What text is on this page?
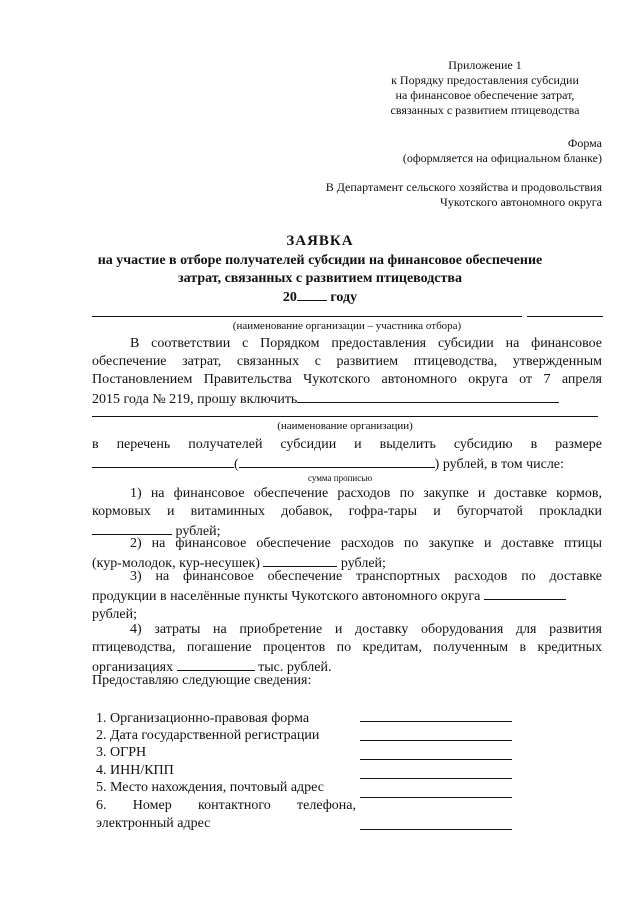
Приложение 1
к Порядку предоставления субсидии
на финансовое обеспечение затрат,
связанных с развитием птицеводства
Форма
(оформляется на официальном бланке)
В Департамент сельского хозяйства и продовольствия
Чукотского автономного округа
ЗАЯВКА
на участие в отборе получателей субсидии на финансовое обеспечение
затрат, связанных с развитием птицеводства
20 году
(наименование организации – участника отбора)
В соответствии с Порядком предоставления субсидии на финансовое
обеспечение затрат, связанных с развитием птицеводства, утвержденным
Постановлением Правительства Чукотского автономного округа от 7 апреля
2015 года № 219, прошу включить
(наименование организации)
в перечень получателей субсидии и выделить субсидию в размере
(	) рублей, в том числе:
сумма прописью
1) на финансовое обеспечение расходов по закупке и доставке кормов,
кормовых и витаминных добавок, гофра-тары и бугорчатой прокладки
рублей;
2) на финансовое обеспечение расходов по закупке и доставке птицы
(кур-молодок, кур-несушек)	рублей;
3) на финансовое обеспечение транспортных расходов по доставке
продукции в населённые пункты Чукотского автономного округа
рублей;
4) затраты на приобретение и доставку оборудования для развития
птицеводства, погашение процентов по кредитам, полученным в кредитных
организациях	тыс. рублей.
Предоставляю следующие сведения:
1. Организационно-правовая форма
2. Дата государственной регистрации
3. ОГРН
4. ИНН/КПП
5. Место нахождения, почтовый адрес
6. Номер контактного телефона,
электронный адрес
